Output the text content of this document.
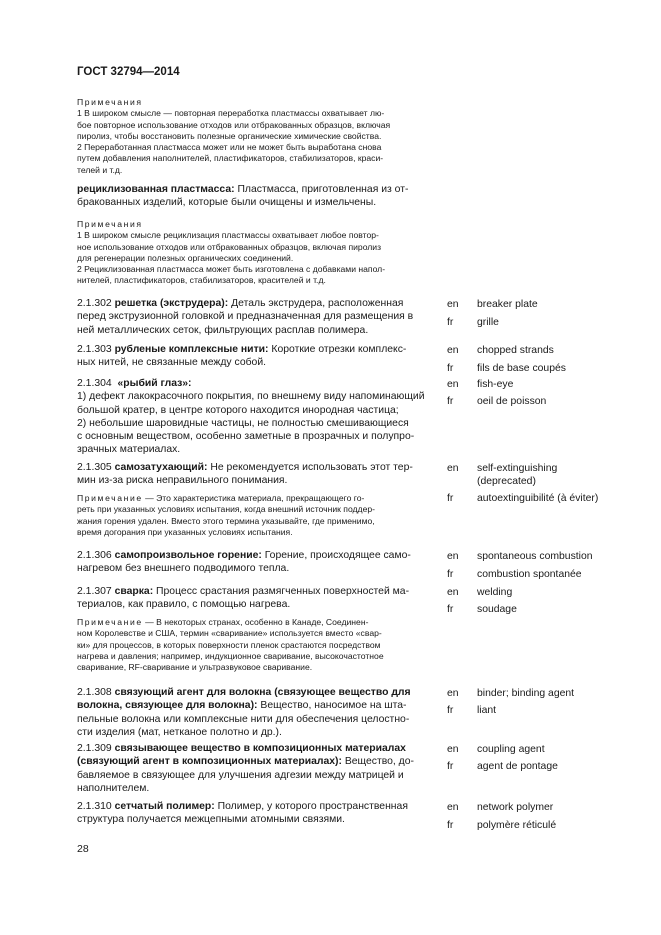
ГОСТ 32794—2014

Примечания

1 В широком смысле — повторная переработка пластмассы охватывает лю-

бое повторное использование отходов или отбракованных образцов, включая

пиролиз, чтобы восстановить полезные органические химические свойства.

2 Переработанная пластмасса может или не может быть выработана снова

путем добавления наполнителей, пластификаторов, стабилизаторов, краси-

телей и т.д.

рециклизованная пластмасса: Пластмасса, приготовленная из от-

бракованных изделий, которые были очищены и измельчены.

Примечания

1 В широком смысле рециклизация пластмассы охватывает любое повтор-

ное использование отходов или отбракованных образцов, включая пиролиз

для регенерации полезных органических соединений.

2 Рециклизованная пластмасса может быть изготовлена с добавками напол-

нителей, пластификаторов, стабилизаторов, красителей и т.д.

2.1.302 решетка (экструдера): Деталь экструдера, расположенная

перед экструзионной головкой и предназначенная для размещения в

ней металлических сеток, фильтрующих расплав полимера.

en breaker plate
fr	grille

2.1.303 рубленые комплексные нити: Короткие отрезки комплекс-

ных нитей, не связанные между собой.

en chopped strands
fr	fils de base coupés

2.1.304 «рыбий глаз»:

1) дефект лакокрасочного покрытия, по внешнему виду напоминающий

большой кратер, в центре которого находится инородная частица;

2) небольшие шаровидные частицы, не полностью смешивающиеся

с основным веществом, особенно заметные в прозрачных и полупро-

зрачных материалах.

en fish-eye
fr	oeil de poisson

2.1.305 самозатухающий: Не рекомендуется использовать этот тер-

мин из-за риска неправильного понимания.

Примечание — Это характеристика материала, прекращающего го-

реть при указанных условиях испытания, когда внешний источник поддер-

жания горения удален. Вместо этого термина указывайте, где применимо,

время догорания при указанных условиях испытания.

en self-extinguishing
(deprecated)
fr	autoextinguibilité (à éviter)

2.1.306 самопроизвольное горение: Горение, происходящее само-

нагревом без внешнего подводимого тепла.

en spontaneous combustion
fr	combustion spontanée

2.1.307 сварка: Процесс срастания размягченных поверхностей ма-

териалов, как правило, с помощью нагрева.

Примечание — В некоторых странах, особенно в Канаде, Соединен-

ном Королевстве и США, термин «сваривание» используется вместо «свар-

ки» для процессов, в которых поверхности пленок срастаются посредством

нагрева и давления; например, индукционное сваривание, высокочастотное

сваривание, RF-сваривание и ультразвуковое сваривание.

en welding
fr	soudage

2.1.308 связующий агент для волокна (связующее вещество для

волокна, связующее для волокна): Вещество, наносимое на шта-

пельные волокна или комплексные нити для обеспечения целостно-

сти изделия (мат, нетканое полотно и др.).

en binder; binding agent
fr	liant

2.1.309 связывающее вещество в композиционных материалах

(связующий агент в композиционных материалах): Вещество, до-

бавляемое в связующее для улучшения адгезии между матрицей и

наполнителем.

en coupling agent
fr	agent de pontage

2.1.310 сетчатый полимер: Полимер, у которого пространственная

структура получается межцепными атомными связями.

en network polymer
fr	polymère réticulé
28
